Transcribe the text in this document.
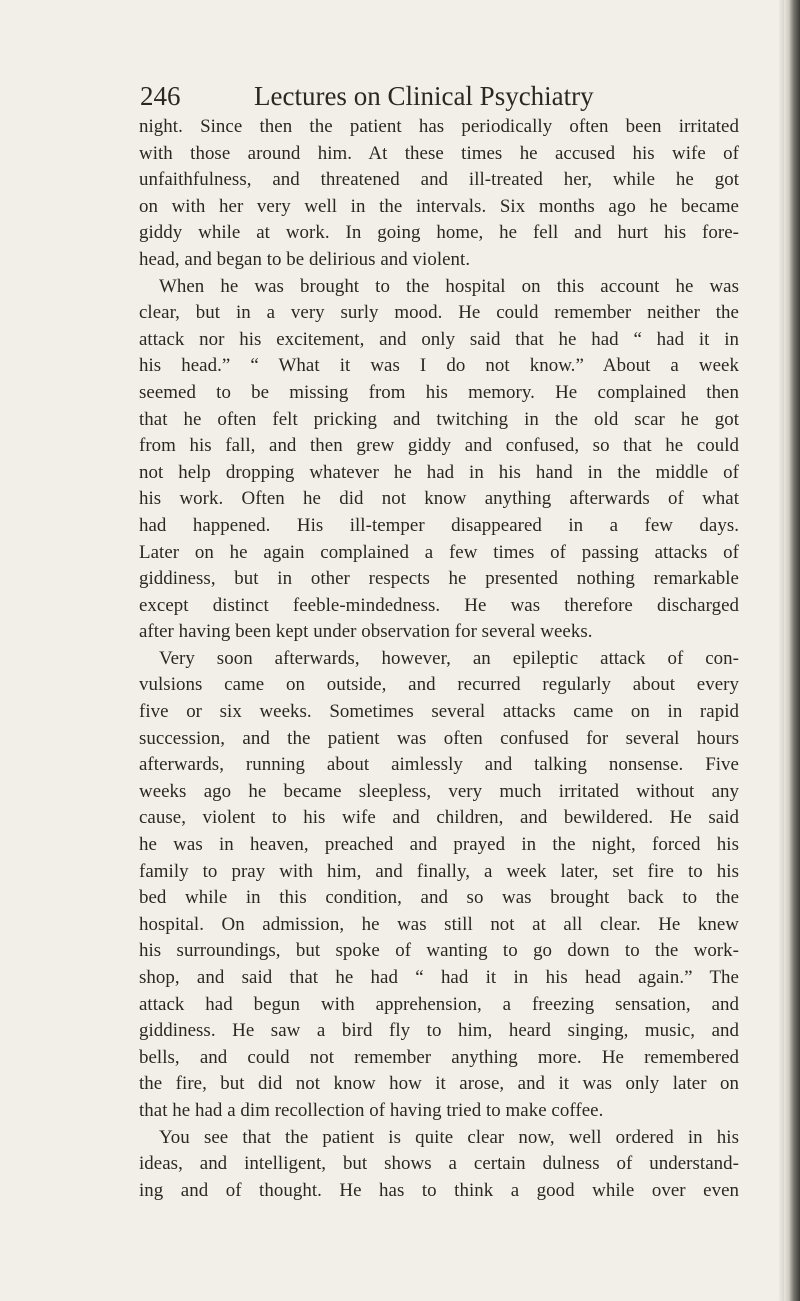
246	Lectures on Clinical Psychiatry
night. Since then the patient has periodically often been irritated
with those around him. At these times he accused his wife of
unfaithfulness, and threatened and ill-treated her, while he got
on with her very well in the intervals. Six months ago he became
giddy while at work. In going home, he fell and hurt his fore-
head, and began to be delirious and violent.
When he was brought to the hospital on this account he was
clear, but in a very surly mood. He could remember neither the
attack nor his excitement, and only said that he had “ had it in
his head.” “ What it was I do not know.” About a week
seemed to be missing from his memory. He complained then
that he often felt pricking and twitching in the old scar he got
from his fall, and then grew giddy and confused, so that he could
not help dropping whatever he had in his hand in the middle of
his work. Often he did not know anything afterwards of what
had happened. His ill-temper disappeared in a few days.
Later on he again complained a few times of passing attacks of
giddiness, but in other respects he presented nothing remarkable
except distinct feeble-mindedness. He was therefore discharged
after having been kept under observation for several weeks.
Very soon afterwards, however, an epileptic attack of con-
vulsions came on outside, and recurred regularly about every
five or six weeks. Sometimes several attacks came on in rapid
succession, and the patient was often confused for several hours
afterwards, running about aimlessly and talking nonsense. Five
weeks ago he became sleepless, very much irritated without any
cause, violent to his wife and children, and bewildered. He said
he was in heaven, preached and prayed in the night, forced his
family to pray with him, and finally, a week later, set fire to his
bed while in this condition, and so was brought back to the
hospital. On admission, he was still not at all clear. He knew
his surroundings, but spoke of wanting to go down to the work-
shop, and said that he had “ had it in his head again.” The
attack had begun with apprehension, a freezing sensation, and
giddiness. He saw a bird fly to him, heard singing, music, and
bells, and could not remember anything more. He remembered
the fire, but did not know how it arose, and it was only later on
that he had a dim recollection of having tried to make coffee.
You see that the patient is quite clear now, well ordered in his
ideas, and intelligent, but shows a certain dulness of understand-
ing and of thought. He has to think a good while over even
